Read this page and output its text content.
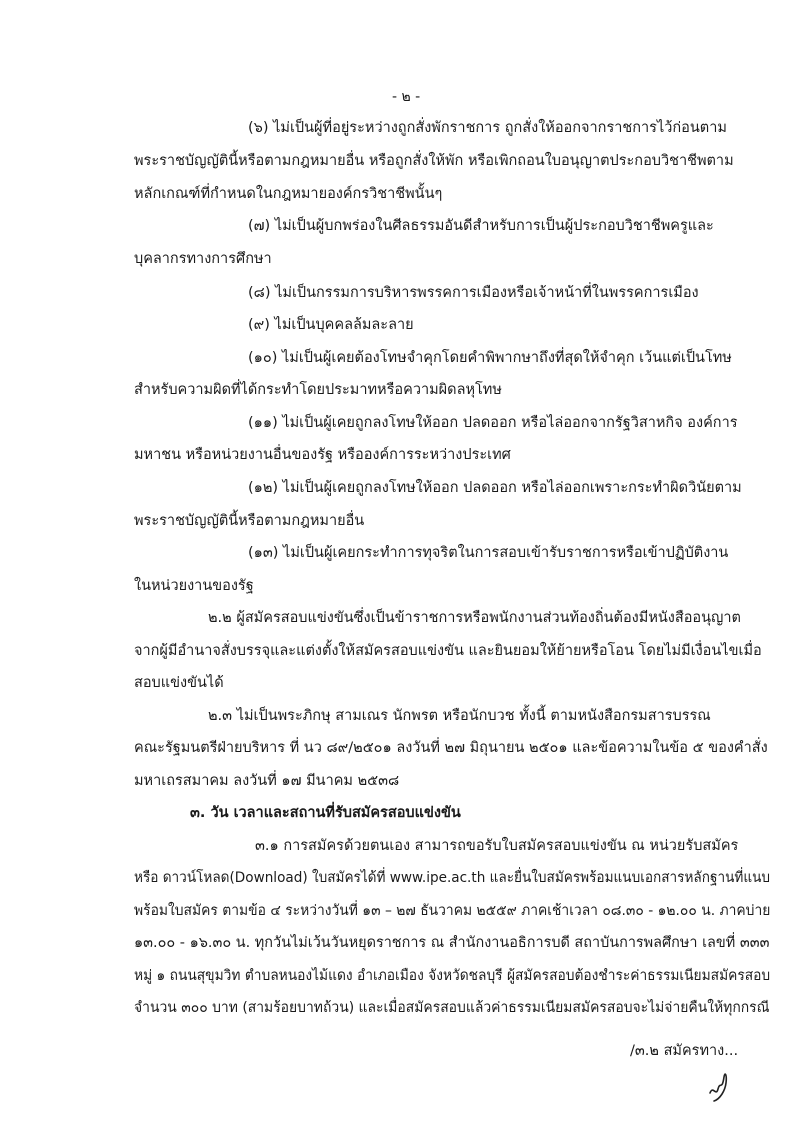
- ๒ -
(๖) ไม่เป็นผู้ที่อยู่ระหว่างถูกสั่งพักราชการ ถูกสั่งให้ออกจากราชการไว้ก่อนตาม
พระราชบัญญัตินี้หรือตามกฎหมายอื่น หรือถูกสั่งให้พัก หรือเพิกถอนใบอนุญาตประกอบวิชาชีพตาม
หลักเกณฑ์ที่กำหนดในกฎหมายองค์กรวิชาชีพนั้นๆ
(๗) ไม่เป็นผู้บกพร่องในศีลธรรมอันดีสำหรับการเป็นผู้ประกอบวิชาชีพครูและ
บุคลากรทางการศึกษา
(๘) ไม่เป็นกรรมการบริหารพรรคการเมืองหรือเจ้าหน้าที่ในพรรคการเมือง
(๙) ไม่เป็นบุคคลล้มละลาย
(๑๐) ไม่เป็นผู้เคยต้องโทษจำคุกโดยคำพิพากษาถึงที่สุดให้จำคุก เว้นแต่เป็นโทษ
สำหรับความผิดที่ได้กระทำโดยประมาทหรือความผิดลหุโทษ
(๑๑) ไม่เป็นผู้เคยถูกลงโทษให้ออก ปลดออก หรือไล่ออกจากรัฐวิสาหกิจ องค์การ
มหาชน หรือหน่วยงานอื่นของรัฐ หรือองค์การระหว่างประเทศ
(๑๒) ไม่เป็นผู้เคยถูกลงโทษให้ออก ปลดออก หรือไล่ออกเพราะกระทำผิดวินัยตาม
พระราชบัญญัตินี้หรือตามกฎหมายอื่น
(๑๓) ไม่เป็นผู้เคยกระทำการทุจริตในการสอบเข้ารับราชการหรือเข้าปฏิบัติงาน
ในหน่วยงานของรัฐ
๒.๒ ผู้สมัครสอบแข่งขันซึ่งเป็นข้าราชการหรือพนักงานส่วนท้องถิ่นต้องมีหนังสืออนุญาต
จากผู้มีอำนาจสั่งบรรจุและแต่งตั้งให้สมัครสอบแข่งขัน และยินยอมให้ย้ายหรือโอน โดยไม่มีเงื่อนไขเมื่อ
สอบแข่งขันได้
๒.๓ ไม่เป็นพระภิกษุ สามเณร นักพรต หรือนักบวช ทั้งนี้ ตามหนังสือกรมสารบรรณ
คณะรัฐมนตรีฝ่ายบริหาร ที่ นว ๘๙/๒๕๐๑ ลงวันที่ ๒๗ มิถุนายน ๒๕๐๑ และข้อความในข้อ ๕ ของคำสั่ง
มหาเถรสมาคม ลงวันที่ ๑๗ มีนาคม ๒๕๓๘
๓. วัน เวลาและสถานที่รับสมัครสอบแข่งขัน
๓.๑ การสมัครด้วยตนเอง สามารถขอรับใบสมัครสอบแข่งขัน ณ หน่วยรับสมัคร
หรือ ดาวน์โหลด(Download) ใบสมัครได้ที่ www.ipe.ac.th และยื่นใบสมัครพร้อมแนบเอกสารหลักฐานที่แนบ
พร้อมใบสมัคร ตามข้อ ๔ ระหว่างวันที่ ๑๓ – ๒๗ ธันวาคม ๒๕๕๙ ภาคเช้าเวลา ๐๘.๓๐ - ๑๒.๐๐ น. ภาคบ่าย
๑๓.๐๐ - ๑๖.๓๐ น. ทุกวันไม่เว้นวันหยุดราชการ ณ สำนักงานอธิการบดี สถาบันการพลศึกษา เลขที่ ๓๓๓
หมู่ ๑ ถนนสุขุมวิท ตำบลหนองไม้แดง อำเภอเมือง จังหวัดชลบุรี ผู้สมัครสอบต้องชำระค่าธรรมเนียมสมัครสอบ
จำนวน ๓๐๐ บาท (สามร้อยบาทถ้วน) และเมื่อสมัครสอบแล้วค่าธรรมเนียมสมัครสอบจะไม่จ่ายคืนให้ทุกกรณี
/๓.๒ สมัครทาง...
